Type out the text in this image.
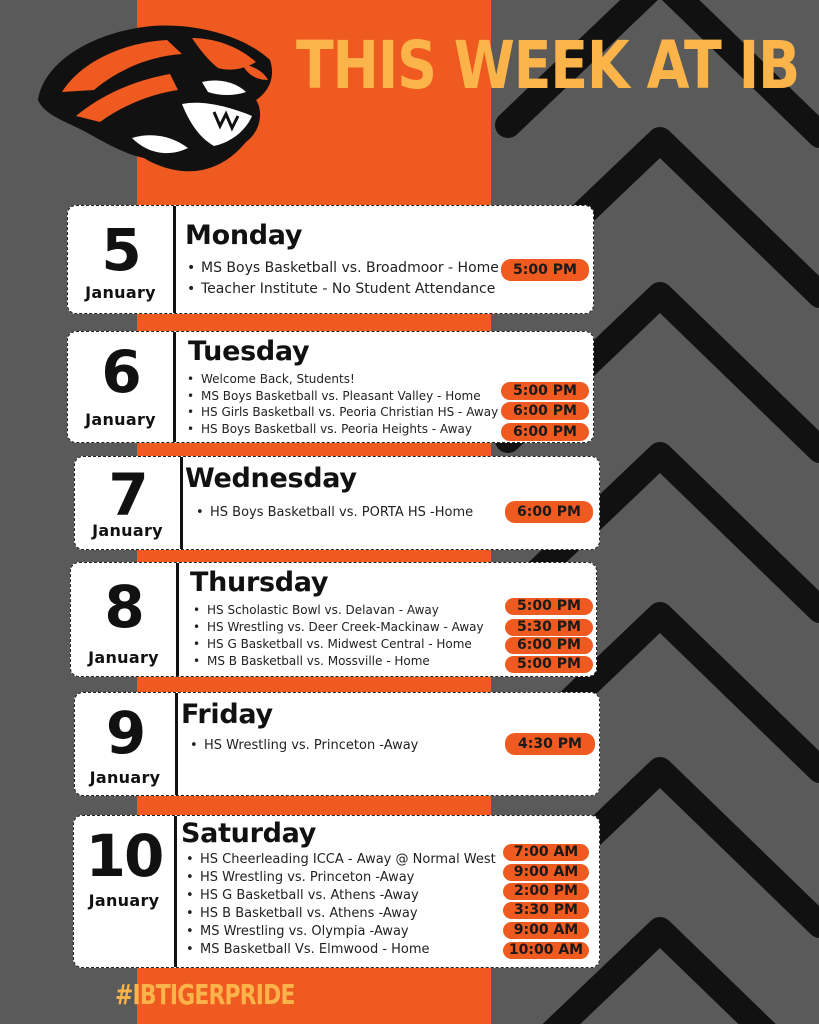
THIS WEEK AT IB
5
January
Monday
• MS Boys Basketball vs. Broadmoor - Home
• Teacher Institute - No Student Attendance
5:00 PM
6
January
Tuesday
• Welcome Back, Students!
• MS Boys Basketball vs. Pleasant Valley - Home
• HS Girls Basketball vs. Peoria Christian HS - Away
• HS Boys Basketball vs. Peoria Heights - Away
5:00 PM
6:00 PM
6:00 PM
7
January
Wednesday
• HS Boys Basketball vs. PORTA HS -Home	6:00 PM
8
January
Thursday
• HS Scholastic Bowl vs. Delavan - Away
• HS Wrestling vs. Deer Creek-Mackinaw - Away
• HS G Basketball vs. Midwest Central - Home
• MS B Basketball vs. Mossville - Home
5:00 PM
5:30 PM
6:00 PM
5:00 PM
9
January
Friday
• HS Wrestling vs. Princeton -Away	4:30 PM
10
January
Saturday
• HS Cheerleading ICCA - Away @ Normal West
• HS Wrestling vs. Princeton -Away
• HS G Basketball vs. Athens -Away
• HS B Basketball vs. Athens -Away
• MS Wrestling vs. Olympia -Away
• MS Basketball Vs. Elmwood - Home
7:00 AM
9:00 AM
2:00 PM
3:30 PM
9:00 AM
10:00 AM
#IBTIGERPRIDE
